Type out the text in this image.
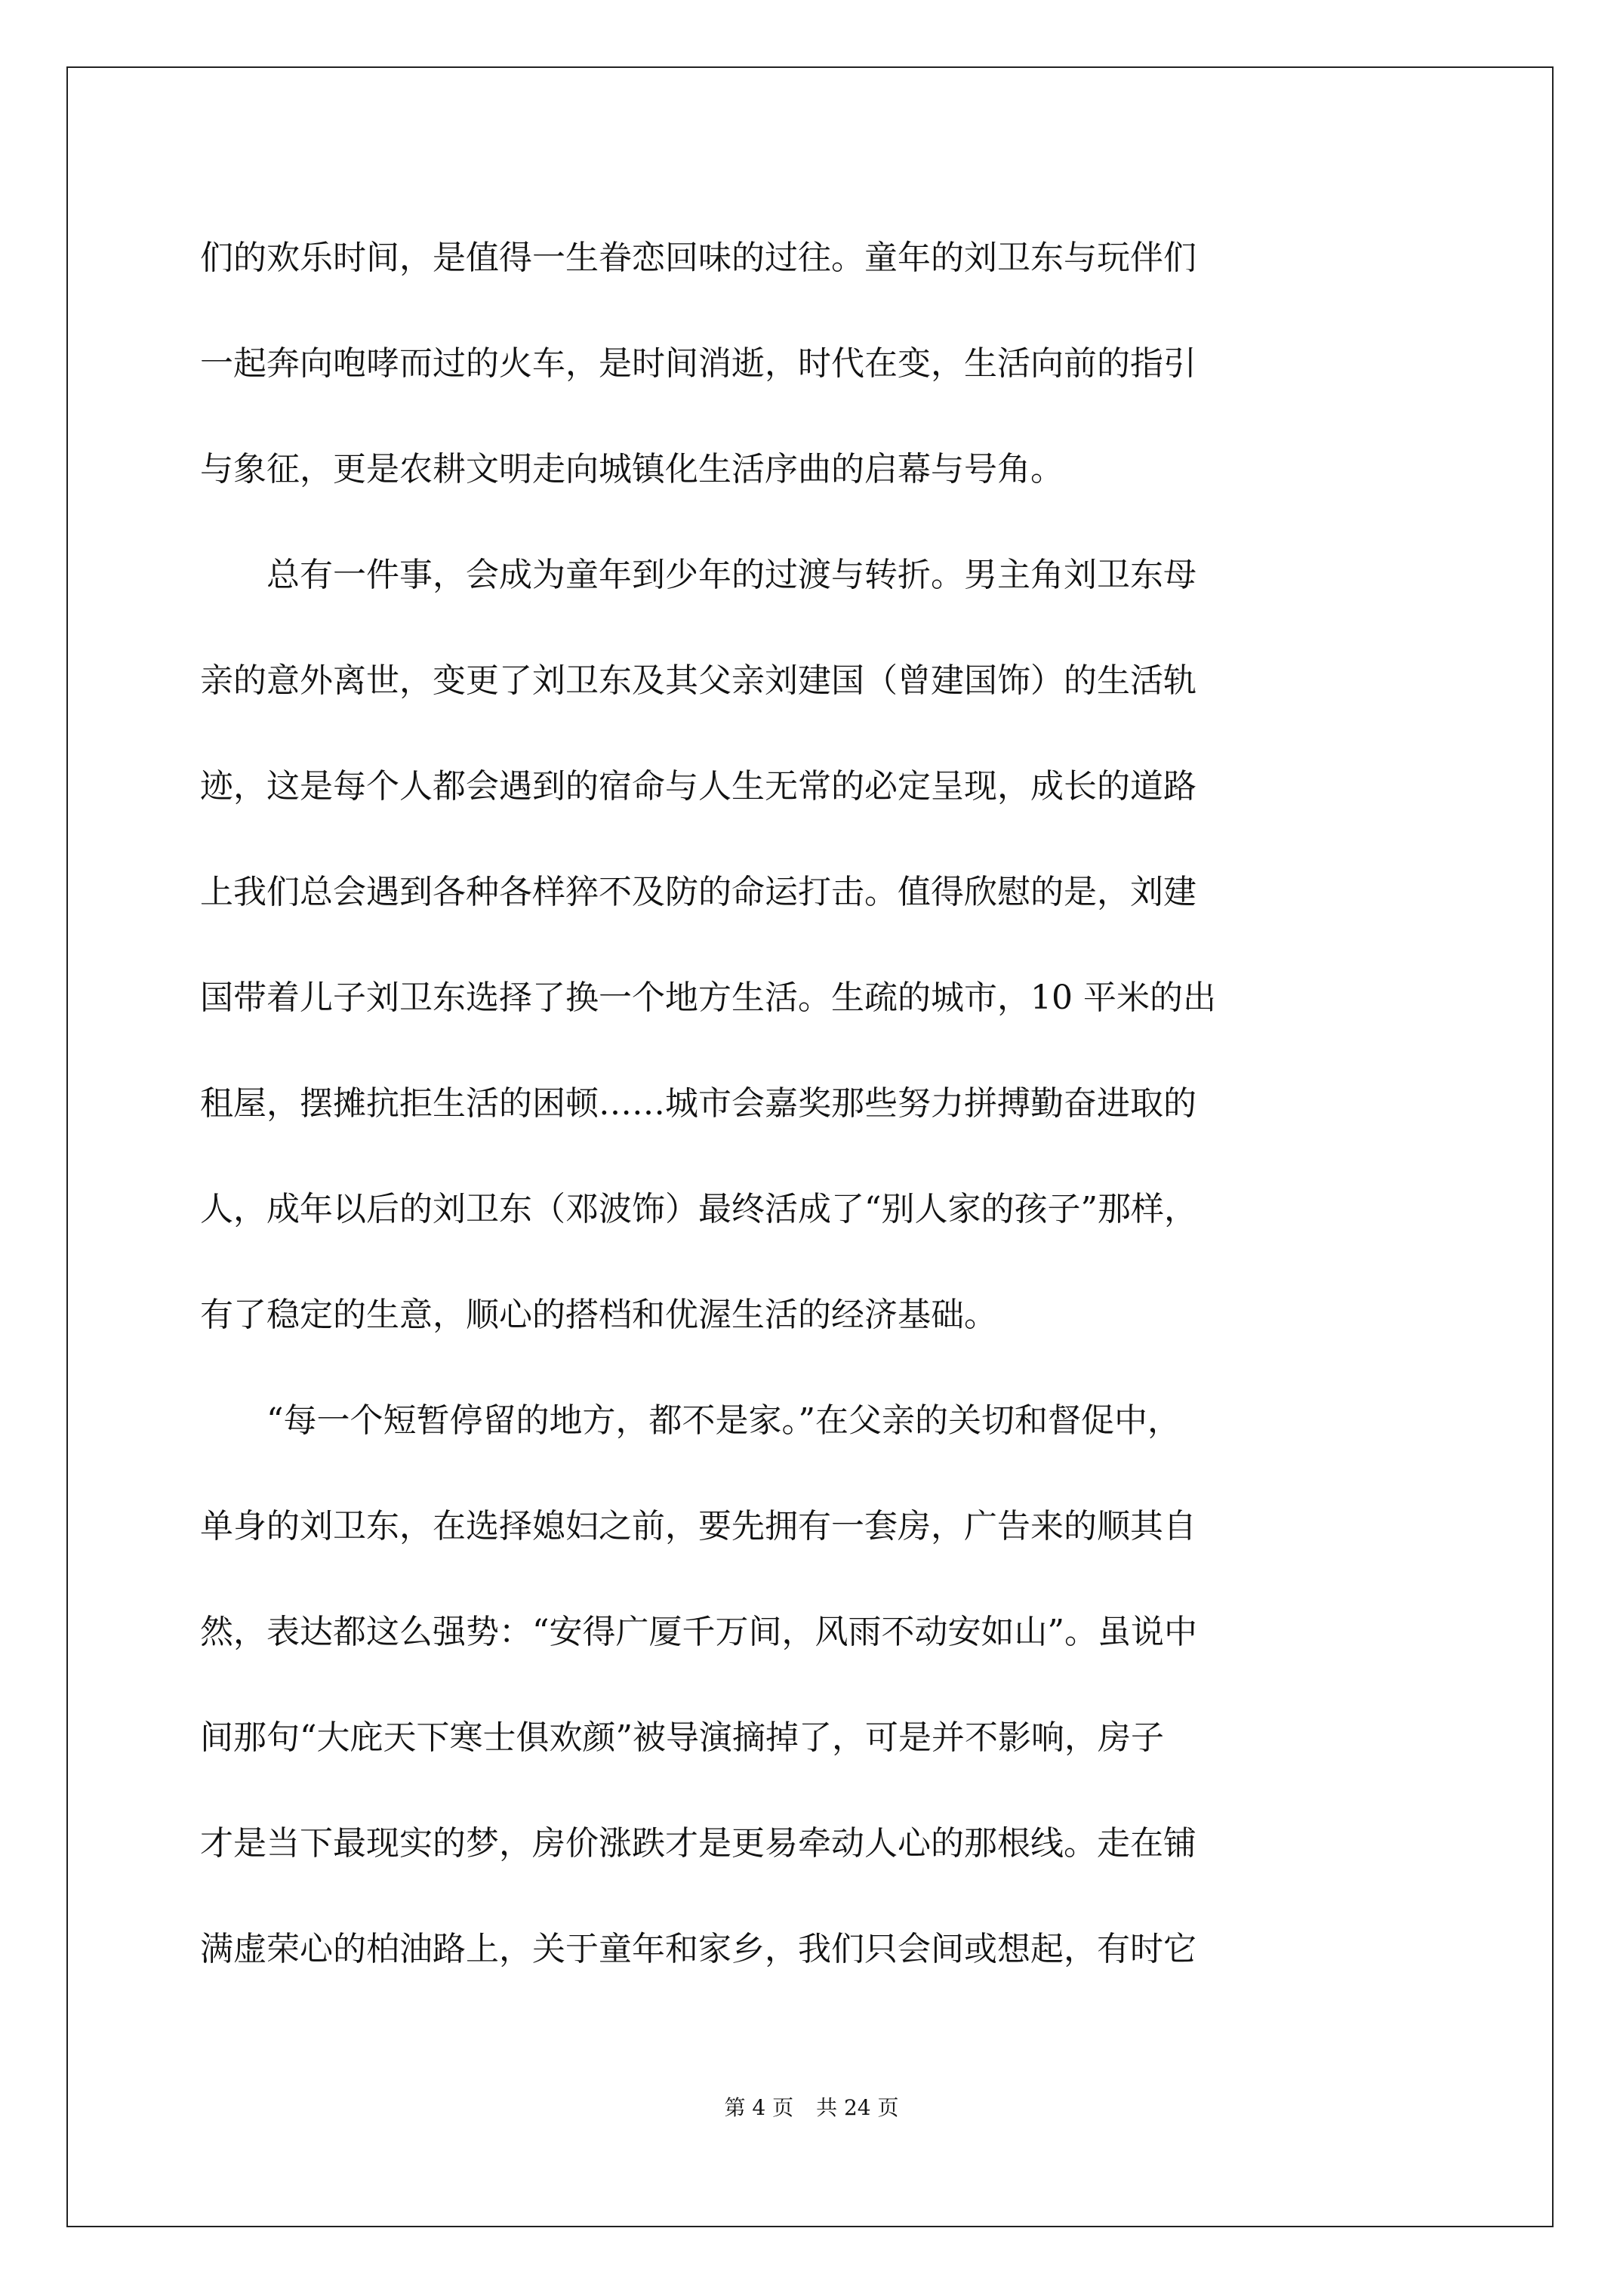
们的欢乐时间，是值得一生眷恋回味的过往。童年的刘卫东与玩伴们
一起奔向咆哮而过的火车，是时间消逝，时代在变，生活向前的指引
与象征，更是农耕文明走向城镇化生活序曲的启幕与号角。
总有一件事，会成为童年到少年的过渡与转折。男主角刘卫东母
亲的意外离世，变更了刘卫东及其父亲刘建国（曾建国饰）的生活轨
迹，这是每个人都会遇到的宿命与人生无常的必定呈现，成长的道路
上我们总会遇到各种各样猝不及防的命运打击。值得欣慰的是，刘建
国带着儿子刘卫东选择了换一个地方生活。生疏的城市，10 平米的出
租屋，摆摊抗拒生活的困顿……城市会嘉奖那些努力拼搏勤奋进取的
人，成年以后的刘卫东（邓波饰）最终活成了“别人家的孩子”那样，
有了稳定的生意，顺心的搭档和优渥生活的经济基础。
“每一个短暂停留的地方，都不是家。”在父亲的关切和督促中，
单身的刘卫东，在选择媳妇之前，要先拥有一套房，广告来的顺其自
然，表达都这么强势：“安得广厦千万间，风雨不动安如山”。虽说中
间那句“大庇天下寒士俱欢颜”被导演摘掉了，可是并不影响，房子
才是当下最现实的梦，房价涨跌才是更易牵动人心的那根线。走在铺
满虚荣心的柏油路上，关于童年和家乡，我们只会间或想起，有时它
第 4 页 共 24 页
